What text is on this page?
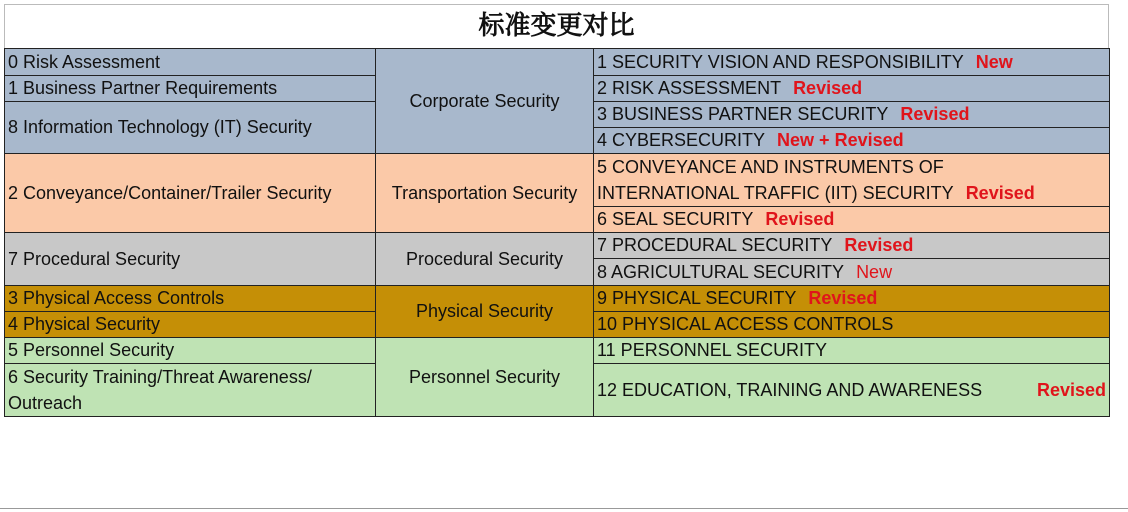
标准变更对比
0 Risk Assessment	Corporate Security	1 SECURITY VISION AND RESPONSIBILITY New
1 Business Partner Requirements		2 RISK ASSESSMENT Revised
8 Information Technology (IT) Security		3 BUSINESS PARTNER SECURITY Revised
		4 CYBERSECURITY New + Revised
2 Conveyance/Container/Trailer Security	Transportation Security	5 CONVEYANCE AND INSTRUMENTS OF
INTERNATIONAL TRAFFIC (IIT) SECURITY Revised

		6 SEAL SECURITY Revised
7 Procedural Security	Procedural Security	7 PROCEDURAL SECURITY Revised
		8 AGRICULTURAL SECURITY New
3 Physical Access Controls	Physical Security	9 PHYSICAL SECURITY Revised
4 Physical Security		10 PHYSICAL ACCESS CONTROLS
5 Personnel Security	Personnel Security	11 PERSONNEL SECURITY
6 Security Training/Threat Awareness/ Outreach		12 EDUCATION, TRAINING AND AWARENESS Revised
